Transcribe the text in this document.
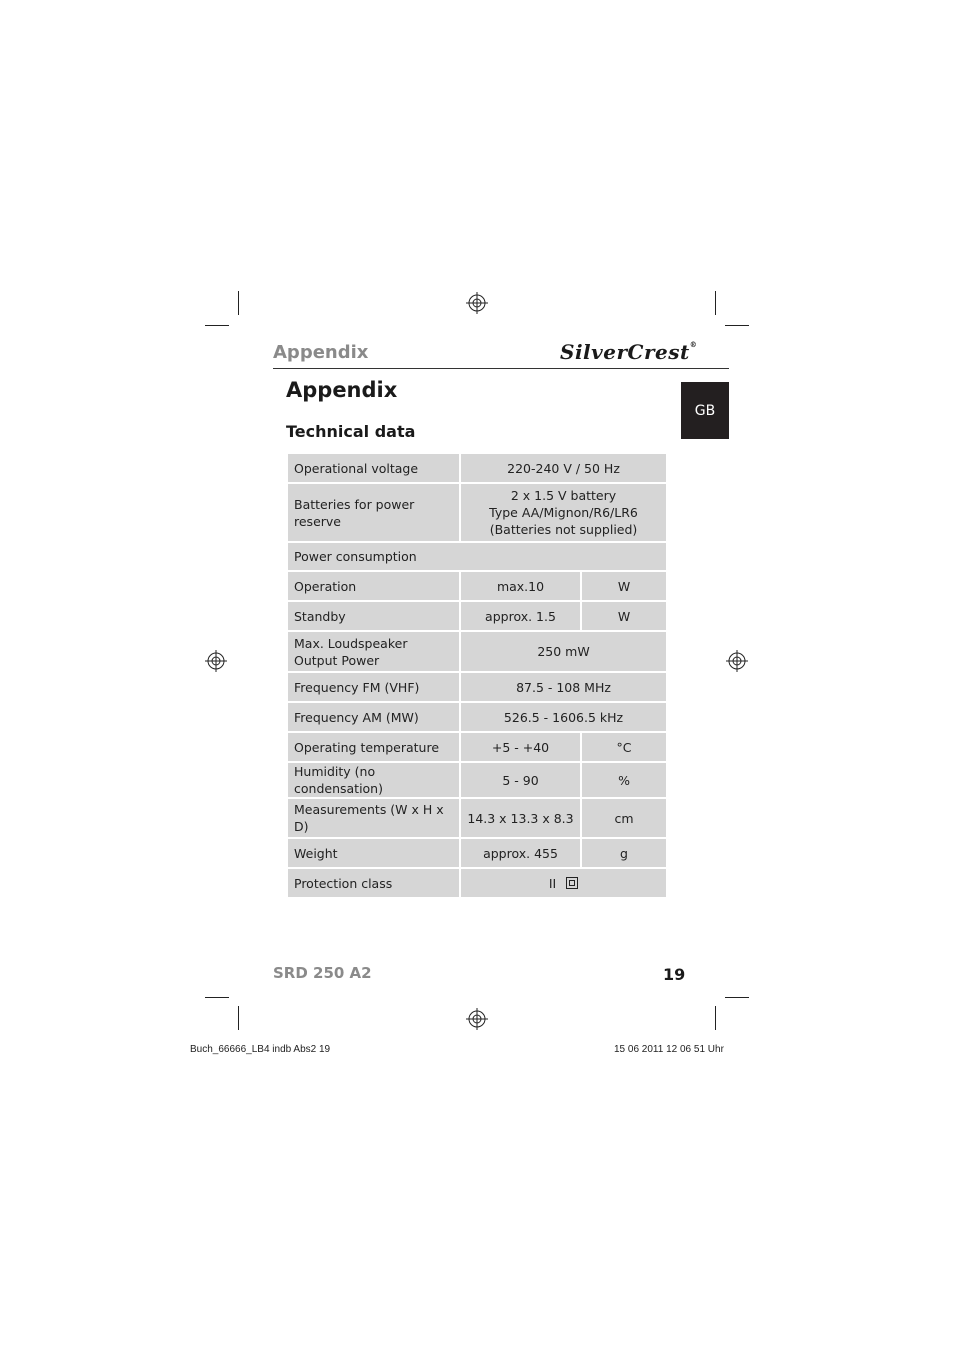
Appendix	SilverCrest®
GB
Appendix
Technical data
Operational voltage	220-240 V / 50 Hz	
Batteries for power reserve	2 x 1.5 V battery
Type AA/Mignon/R6/LR6
(Batteries not supplied)	

Power consumption		
Operation	max.10	W
Standby	approx. 1.5	W

Max. Loudspeaker
Output Power	250 mW	
Frequency FM (VHF)	87.5 - 108 MHz	
Frequency AM (MW)	526.5 - 1606.5 kHz	
Operating temperature	+5 - +40	°C
Humidity (no condensation)	5 - 90	%
Measurements (W x H x D)	14.3 x 13.3 x 8.3	cm
Weight	approx. 455	g
Protection class	II	
SRD 250 A2	19
Buch_66666_LB4 indb Abs2 19	15 06 2011 12 06 51 Uhr
